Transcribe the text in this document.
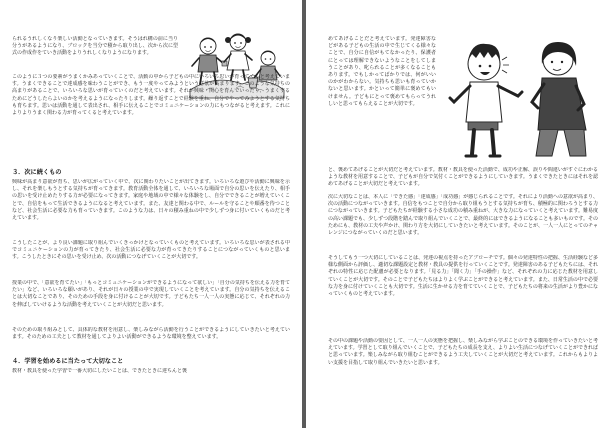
られるうれしくなり楽しい活動となっていきます。そうはれ構の前に当り分うがあるようになり、ブロックを当分で積から取り出し、次から次に型式の作成作をていき活動をよりうれしくなりようになります。
このように３つの要素がうまくかみあっていくことで、活動の中から子どもの中にいろいろ思いが育ってくると考えています。うまくできることで達成感を味わうことができ、もう一度やってみようという意欲が高まります。このような気持ちの高まりがあることで、いろいろな思いが育っていくのだと考えています。それが興味・関心を育んでいったり、うまくするためにどうしたらよいのかを考えるようになったりします。繰り返すことで経験を重ね、自分でやってみようとする気持ちも育ちます。思いは活動を通して表出され、相手に伝えることでコミュニケーションの力にもつながると考えます。これによりよりうまく関わる力が育ってくると考えています。
３．次に続くもの
興味が高まり意欲が育ち、思いが広がっていく中で、次に関わりたいことが出てきます。いろいろな遊びや活動に興味を示し、それを楽しもうとする気持ちが育ってきます。教育活動全体を通して、いろいろな場面で自分の思いを伝えたり、相手の思いを受け止めたりする力が必要になってきます。家庭や地域の中で様々な体験をし、自分でできることが増えていくことで、自信をもって生活できるようになると考えています。また、友達と関わる中で、ルールを守ることや順番を待つことなど、社会生活に必要な力も育っていきます。このような力は、日々の積み重ねの中で少しずつ身に付いていくものだと考えています。
こうしたことが、より良い課題に取り組んでいくきっかけとなっていくものと考えています。いろいろな思いが表される中でコミュニケーションの力が育ってきたり、社会生活に必要な力が育ってきたりすることにつながっていくものと思います。こうしたときにその思いを受け止め、次の活動につなげていくことが大切です。
授業の中で、「意欲を育てたい」「もっとコミュニケーションができるようになって欲しい」「自分の気持ちを伝える力を育てたい」など、いろいろな願いがあり、それが日々の授業の中で実現していくことを考えています。自分の気持ちを伝えることは大切なことであり、そのための手段を身に付けることが大切です。子どもたち一人一人の実態に応じて、それぞれの力を伸ばしていけるような活動を考えていくことが大切だと思います。
そのための取り組みとして、具体的な教材を用意し、楽しみながら活動を行うことができるようにしていきたいと考えています。そのための工夫として教材を通してよりよい活動ができるような環境を整えています。
４．学習を始めるに当たって大切なこと
教材・教具を使った学習で一番大切にしたいことは、できたときに達ちんと褒
めてあげることだと考えています。発達障害などがある子どもの生活の中で生じてくる様々なことで、自分に自信がもてなかったり、保護者にとっては理解できないようなことをしてしまうことがあり、叱られることが多くなることもあります。でもしかってばかりでは、何がいいのかがわからない。気持ちも思いも育っていかないと思います。かといって簡単に褒めてもいけません。子どもにとって褒めてもらってうれしいと思ってもらえることが大切です。
と、褒めてあげることが大切だと考えています。教材・教具を使った活動で、成功や正解、誤りや間違いがすぐにわかるような教材を用意することで、子どもが自分で気付くことができるようにしていきます。うまくできたときにはそれを認めてあげることが大切だと考えています。
次に大切なことは、本人に「できた感」「達成感」「成功感」が感じられることです。それにより活動への意欲が高まり、次の活動につながっていきます。自信をもつことで自分から取り組もうとする気持ちが育ち、積極的に関わろうとする力につながっていきます。子どもたちが経験する小さな成功の積み重ねが、大きな力になっていくと考えています。難易度の高い課題でも、少しずつ段階を踏んで取り組んでいくことで、最終的にはできるようになることも多いものです。そのためにも、教材の工夫や声かけ、関わり方を大切にしていきたいと考えています。そのことが、一人一人にとってのチャレンジにつながっていくのだと思います。
そうしてもう一つ大切にしていることは、発達の視点を持ったアプローチです。個々の発達特性の把握、生活経験など多様な側面から評価し、適切な課題設定と教材・教具の提供を行っていくことです。発達障害のある子どもたちには、それぞれの特性に応じた配慮が必要となります。「見る力」「聞く力」「手の操作」など、それぞれの力に応じた教材を用意していくことが大切です。そのことで子どもたちはよりよく学ぶことができると考えています。また、日常生活の中で必要な力を身に付けていくことも大切です。生活に生かせる力を育てていくことで、子どもたちの将来の生活がより豊かになっていくものと考えています。
その中の課題や活動の要因として、一人一人の実態を把握し、楽しみながら学ぶことのできる環境を作っていきたいと考えています。学習として取り組んでいくことで、子どもたちの成長を支え、よりよい生活につなげていくことができればと思っています。楽しみながら取り組むことができるよう工夫していくことが大切だと考えています。これからもよりよい支援を目指して取り組んでいきたいと思います。
